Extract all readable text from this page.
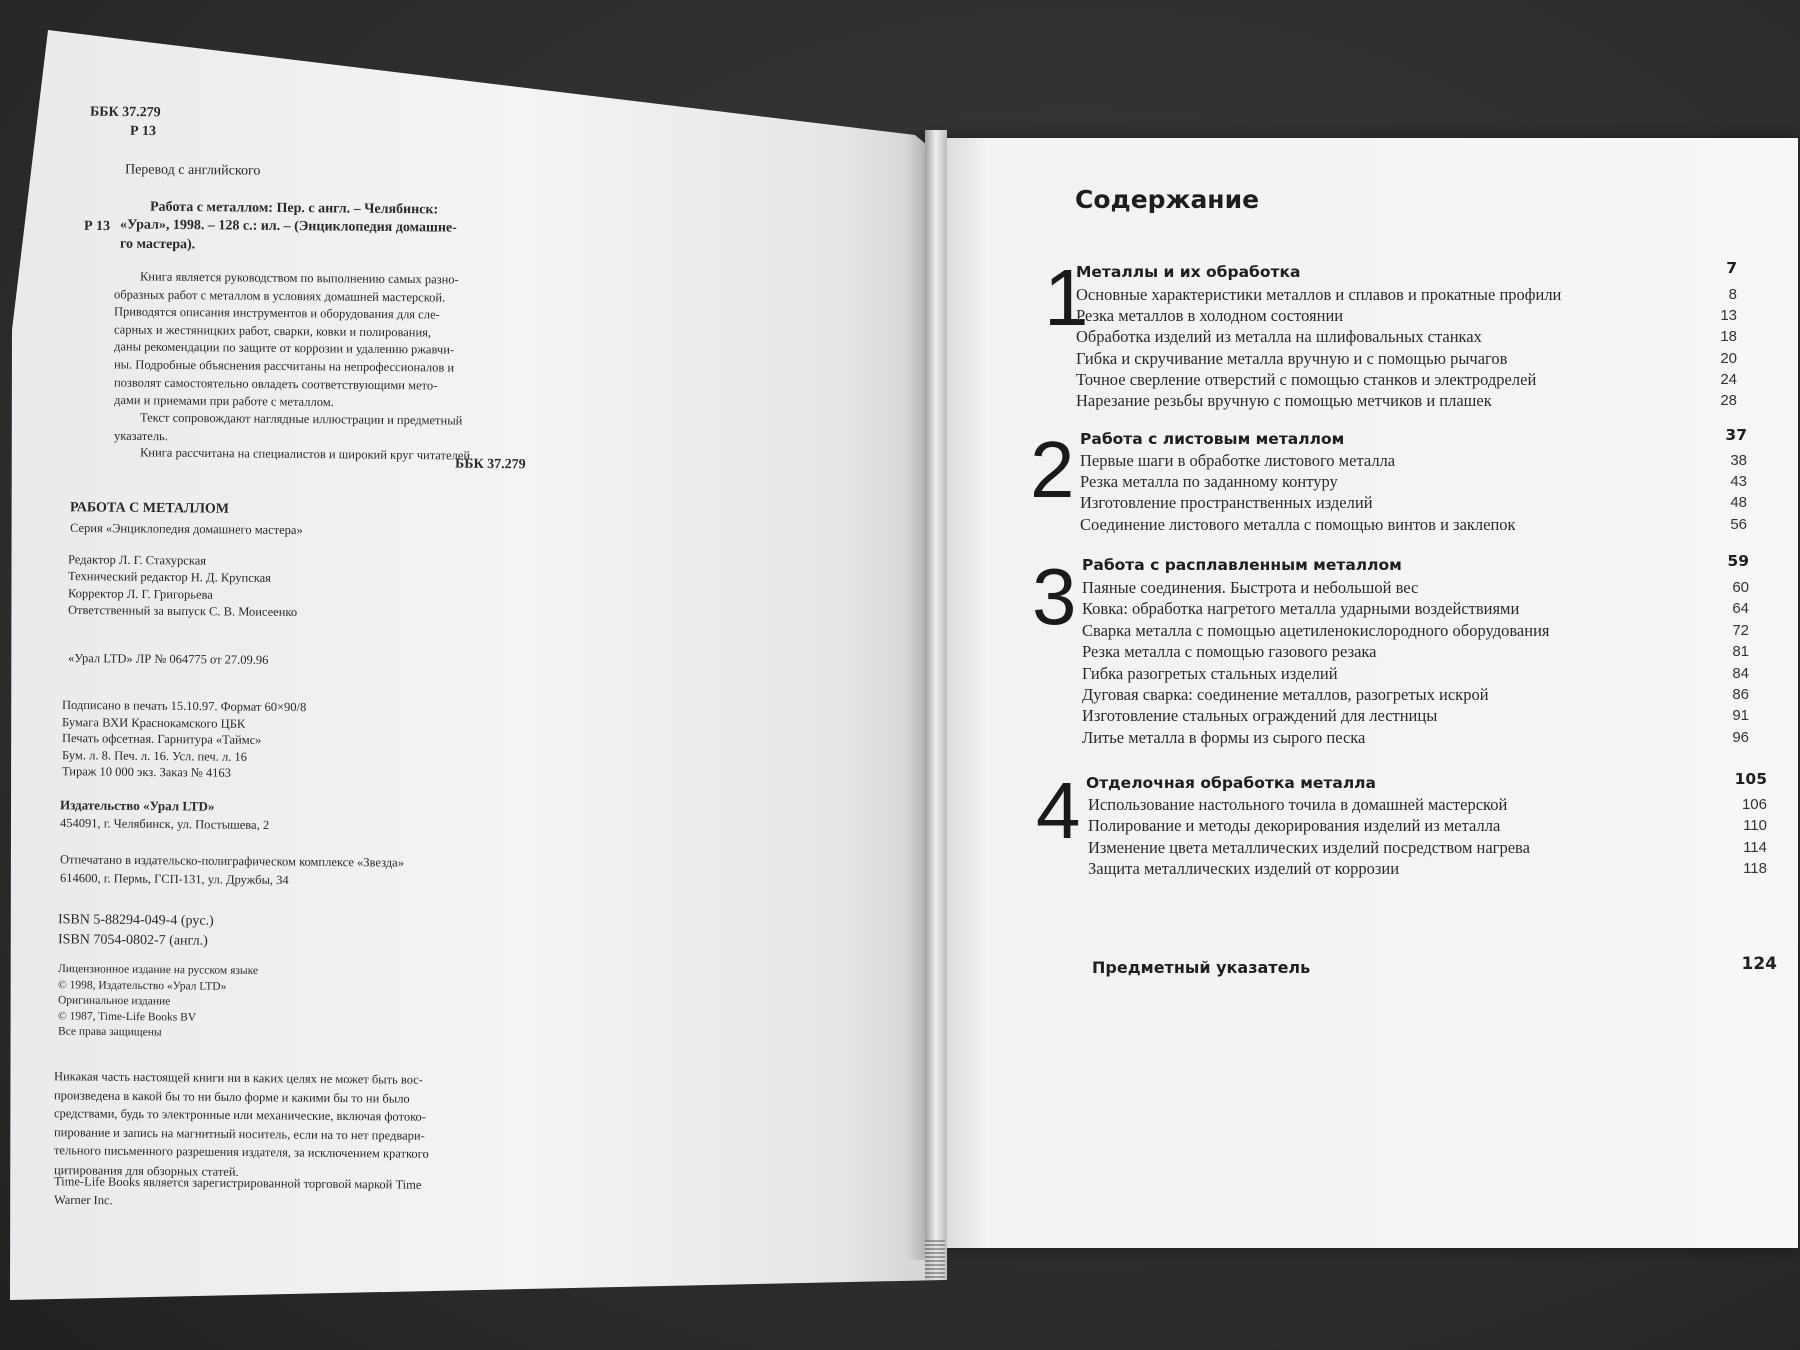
ББК 37.279
Р 13
Перевод с английского
Работа с металлом: Пер. с англ. – Челябинск:
Р 13 «Урал», 1998. – 128 с.: ил. – (Энциклопедия домашне-
го мастера).
Книга является руководством по выполнению самых разно-
образных работ с металлом в условиях домашней мастерской.
Приводятся описания инструментов и оборудования для сле-
сарных и жестяницких работ, сварки, ковки и полирования,
даны рекомендации по защите от коррозии и удалению ржавчи-
ны. Подробные объяснения рассчитаны на непрофессионалов и
позволят самостоятельно овладеть соответствующими мето-
дами и приемами при работе с металлом.
Текст сопровождают наглядные иллюстрации и предметный
указатель.
Книга рассчитана на специалистов и широкий круг читателей.
ББК 37.279
РАБОТА С МЕТАЛЛОМ
Серия «Энциклопедия домашнего мастера»
Редактор Л. Г. Стахурская
Технический редактор Н. Д. Крупская
Корректор Л. Г. Григорьева
Ответственный за выпуск С. В. Моисеенко
«Урал LTD» ЛР № 064775 от 27.09.96
Подписано в печать 15.10.97. Формат 60×90/8
Бумага ВХИ Краснокамского ЦБК
Печать офсетная. Гарнитура «Таймс»
Бум. л. 8. Печ. л. 16. Усл. печ. л. 16
Тираж 10 000 экз. Заказ № 4163
Издательство «Урал LTD»
454091, г. Челябинск, ул. Постышева, 2
Отпечатано в издательско-полиграфическом комплексе «Звезда»
614600, г. Пермь, ГСП-131, ул. Дружбы, 34
ISBN 5-88294-049-4 (рус.)
ISBN 7054-0802-7 (англ.)
Лицензионное издание на русском языке
© 1998, Издательство «Урал LTD»
Оригинальное издание
© 1987, Time-Life Books BV
Все права защищены
Никакая часть настоящей книги ни в каких целях не может быть вос-
произведена в какой бы то ни было форме и какими бы то ни было
средствами, будь то электронные или механические, включая фотоко-
пирование и запись на магнитный носитель, если на то нет предвари-
тельного письменного разрешения издателя, за исключением краткого
цитирования для обзорных статей.
Time-Life Books является зарегистрированной торговой маркой Time
Warner Inc.
Содержание
1
Металлы и их обработка	7
Основные характеристики металлов и сплавов и прокатные профили	8
Резка металлов в холодном состоянии	13
Обработка изделий из металла на шлифовальных станках	18
Гибка и скручивание металла вручную и с помощью рычагов	20
Точное сверление отверстий с помощью станков и электродрелей	24
Нарезание резьбы вручную с помощью метчиков и плашек	28
2 Работа с листовым металлом	37
Первые шаги в обработке листового металла	38
Резка металла по заданному контуру	43
Изготовление пространственных изделий	48
Соединение листового металла с помощью винтов и заклепок	56
3 Работа с расплавленным металлом	59
Паяные соединения. Быстрота и небольшой вес	60
Ковка: обработка нагретого металла ударными воздействиями	64
Сварка металла с помощью ацетиленокислородного оборудования	72
Резка металла с помощью газового резака	81
Гибка разогретых стальных изделий	84
Дуговая сварка: соединение металлов, разогретых искрой	86
Изготовление стальных ограждений для лестницы	91
Литье металла в формы из сырого песка	96
4 Отделочная обработка металла	105
Использование настольного точила в домашней мастерской	106
Полирование и методы декорирования изделий из металла	110
Изменение цвета металлических изделий посредством нагрева	114
Защита металлических изделий от коррозии	118
Предметный указатель	124
